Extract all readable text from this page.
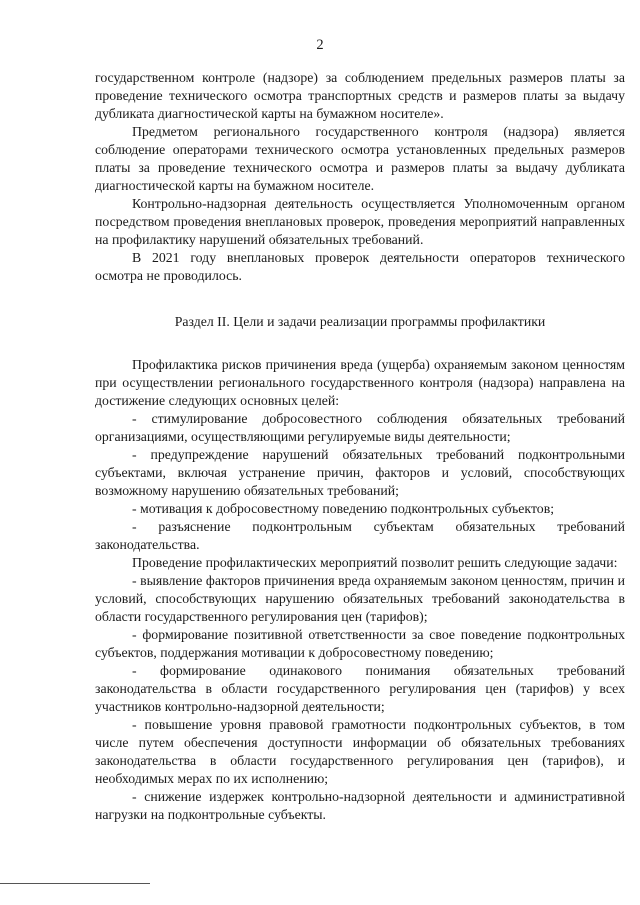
2

государственном контроле (надзоре) за соблюдением предельных размеров платы за проведение технического осмотра транспортных средств и размеров платы за выдачу дубликата диагностической карты на бумажном носителе».

Предметом регионального государственного контроля (надзора) является соблюдение операторами технического осмотра установленных предельных размеров платы за проведение технического осмотра и размеров платы за выдачу дубликата диагностической карты на бумажном носителе.

Контрольно-надзорная деятельность осуществляется Уполномоченным органом посредством проведения внеплановых проверок, проведения мероприятий направленных на профилактику нарушений обязательных требований.

В 2021 году внеплановых проверок деятельности операторов технического осмотра не проводилось.

Раздел II. Цели и задачи реализации программы профилактики

Профилактика рисков причинения вреда (ущерба) охраняемым законом ценностям при осуществлении регионального государственного контроля (надзора) направлена на достижение следующих основных целей:

- стимулирование добросовестного соблюдения обязательных требований организациями, осуществляющими регулируемые виды деятельности;

- предупреждение нарушений обязательных требований подконтрольными субъектами, включая устранение причин, факторов и условий, способствующих возможному нарушению обязательных требований;

- мотивация к добросовестному поведению подконтрольных субъектов;

- разъяснение подконтрольным субъектам обязательных требований законодательства.

Проведение профилактических мероприятий позволит решить следующие задачи:

- выявление факторов причинения вреда охраняемым законом ценностям, причин и условий, способствующих нарушению обязательных требований законодательства в области государственного регулирования цен (тарифов);

- формирование позитивной ответственности за свое поведение подконтрольных субъектов, поддержания мотивации к добросовестному поведению;

- формирование одинакового понимания обязательных требований законодательства в области государственного регулирования цен (тарифов) у всех участников контрольно-надзорной деятельности;

- повышение уровня правовой грамотности подконтрольных субъектов, в том числе путем обеспечения доступности информации об обязательных требованиях законодательства в области государственного регулирования цен (тарифов), и необходимых мерах по их исполнению;

- снижение издержек контрольно-надзорной деятельности и административной нагрузки на подконтрольные субъекты.
